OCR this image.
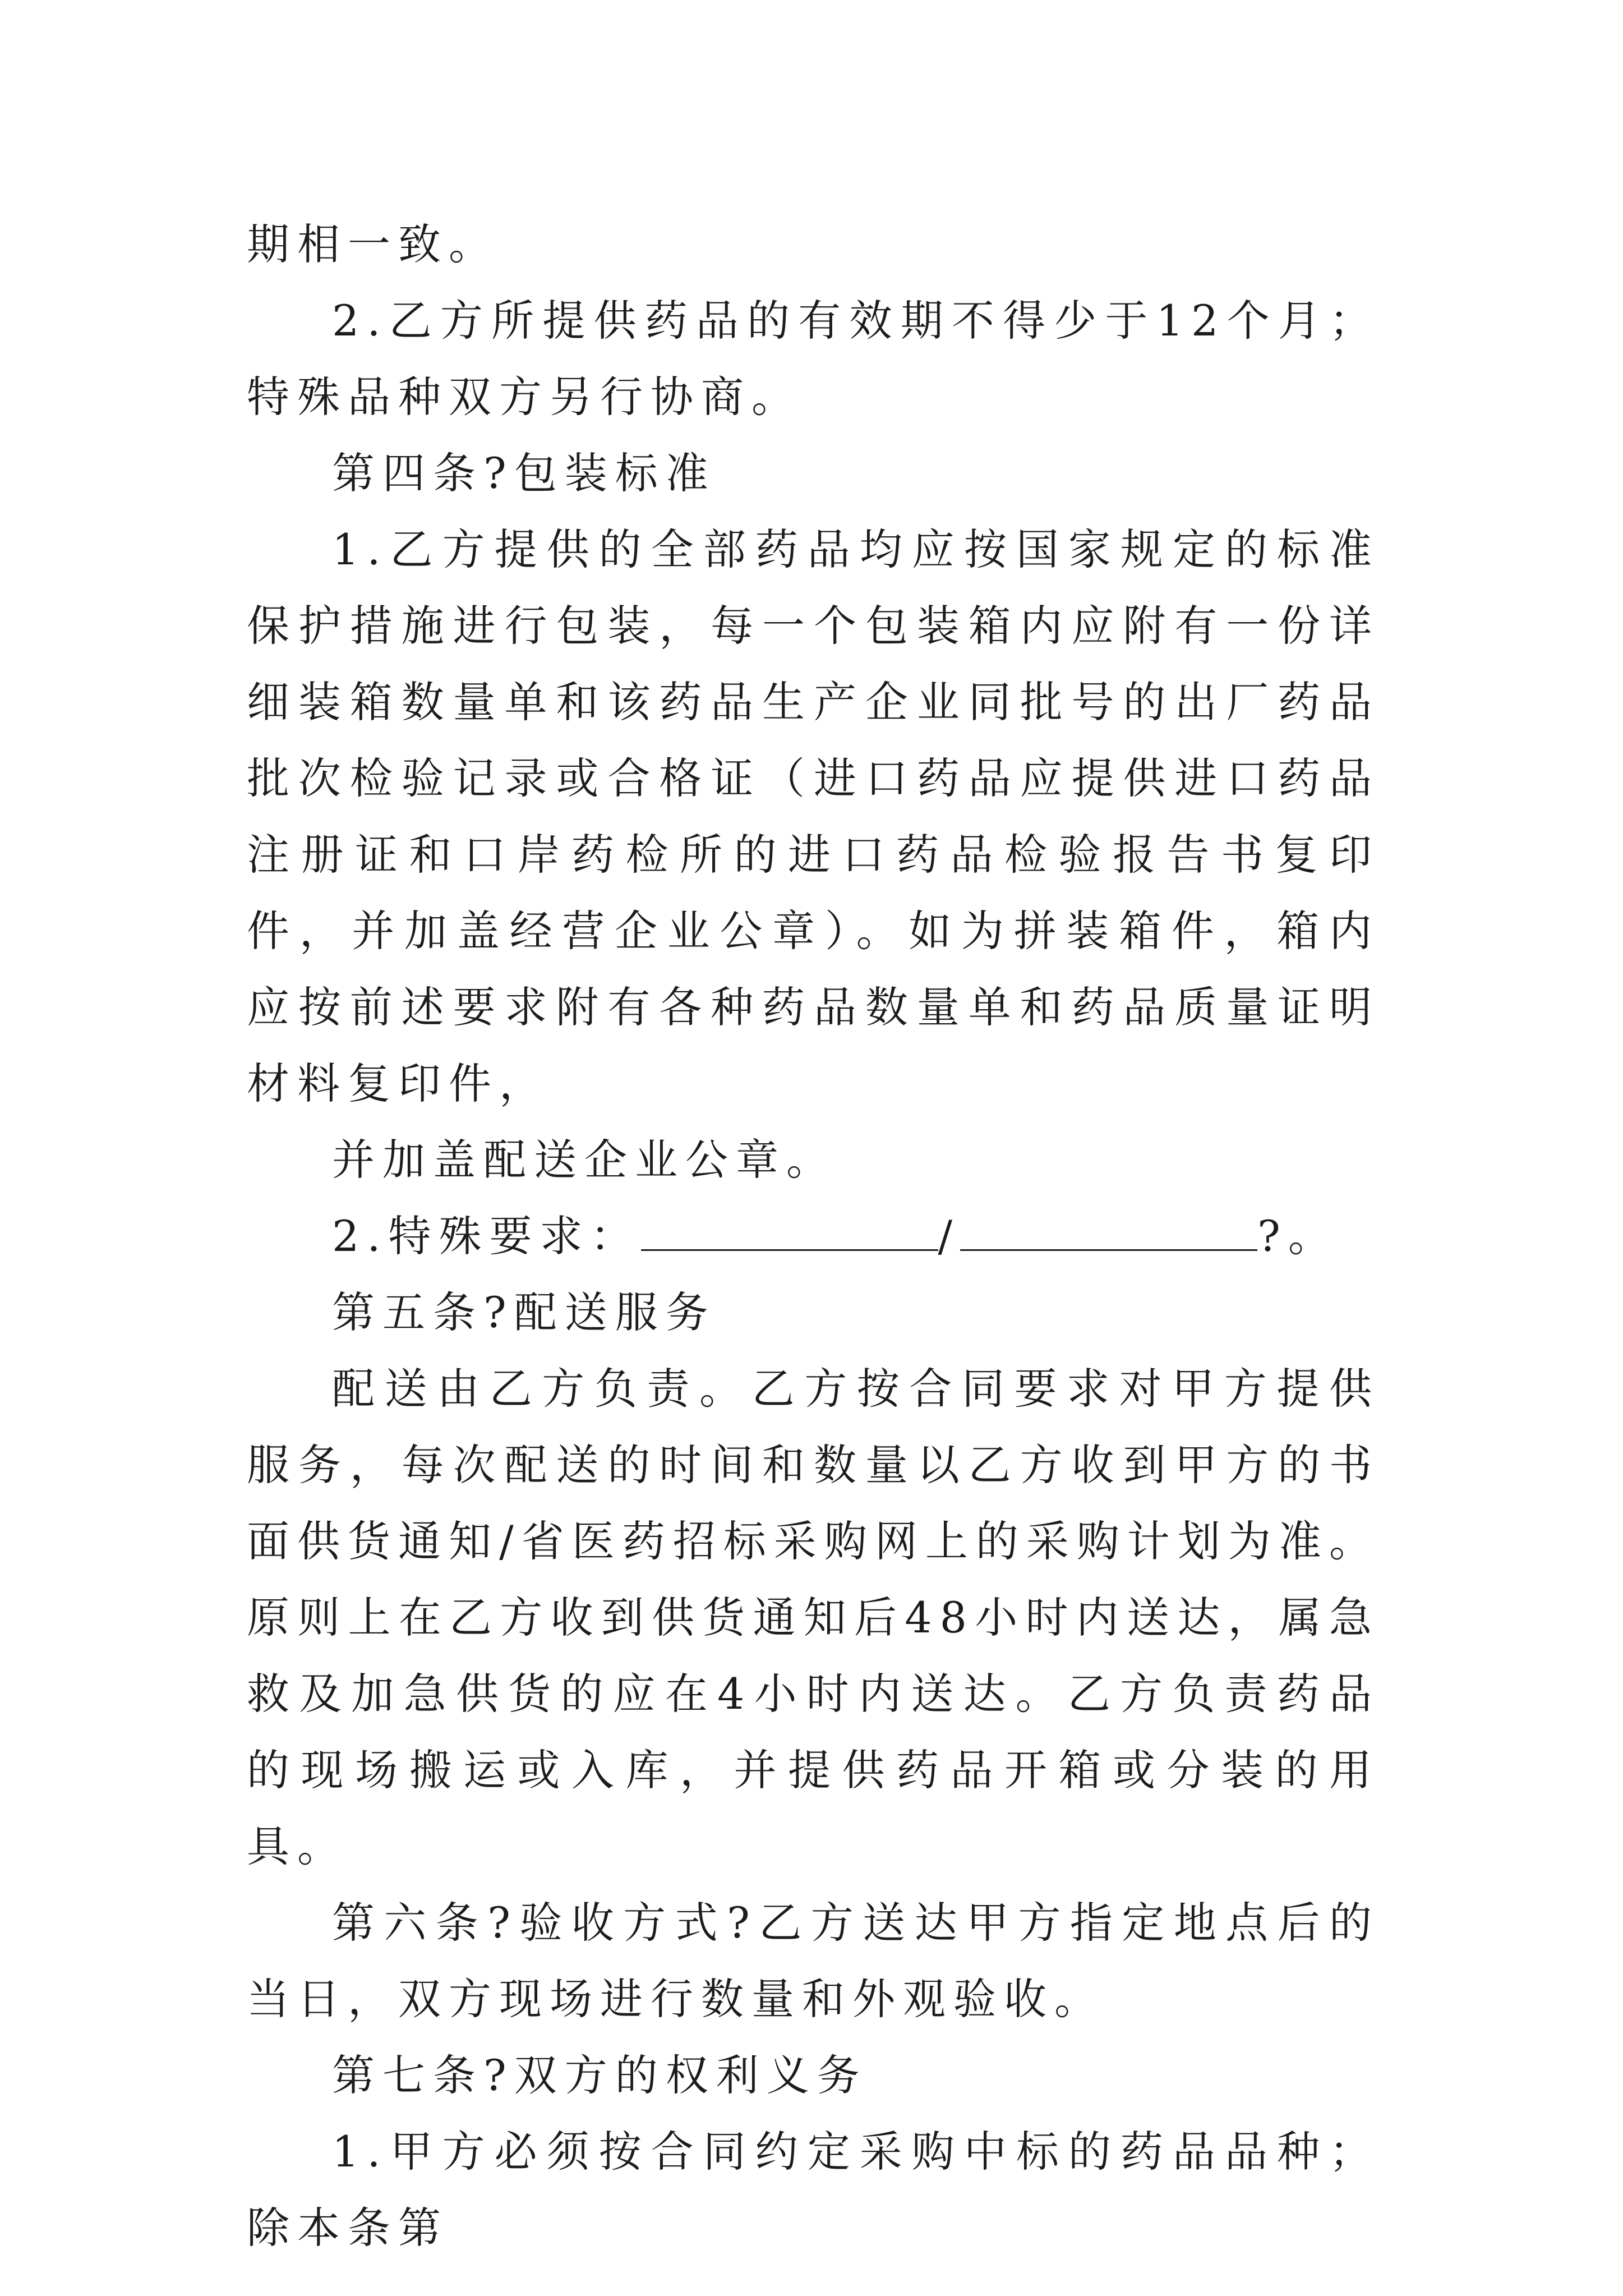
期相一致。

2.乙方所提供药品的有效期不得少于12个月；特殊品种双方另行协商。

第四条?包装标准

1.乙方提供的全部药品均应按国家规定的标准保护措施进行包装，每一个包装箱内应附有一份详细装箱数量单和该药品生产企业同批号的出厂药品批次检验记录或合格证（进口药品应提供进口药品注册证和口岸药检所的进口药品检验报告书复印件，并加盖经营企业公章）。如为拼装箱件，箱内应按前述要求附有各种药品数量单和药品质量证明材料复印件，

并加盖配送企业公章。

2.特殊要求：	/	?。

第五条?配送服务

配送由乙方负责。乙方按合同要求对甲方提供服务，每次配送的时间和数量以乙方收到甲方的书面供货通知/省医药招标采购网上的采购计划为准。原则上在乙方收到供货通知后48小时内送达，属急救及加急供货的应在4小时内送达。乙方负责药品的现场搬运或入库，并提供药品开箱或分装的用具。

第六条?验收方式?乙方送达甲方指定地点后的当日，双方现场进行数量和外观验收。

第七条?双方的权利义务

1.甲方必须按合同约定采购中标的药品品种；除本条第
